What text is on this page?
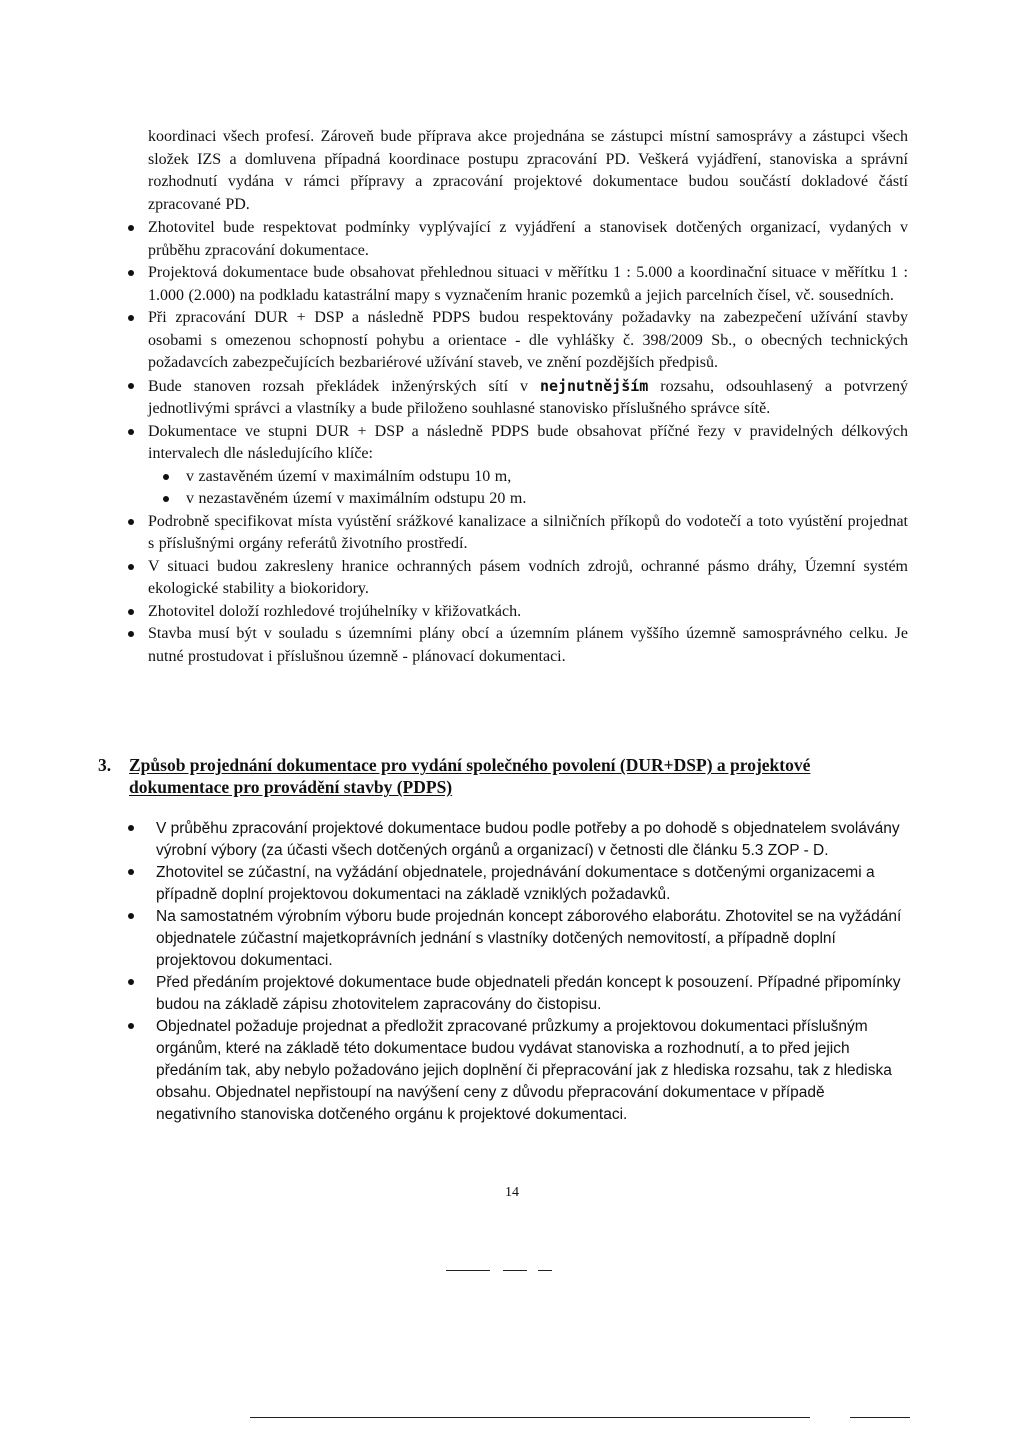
koordinaci všech profesí. Zároveň bude příprava akce projednána se zástupci místní samosprávy a zástupci všech složek IZS a domluvena případná koordinace postupu zpracování PD. Veškerá vyjádření, stanoviska a správní rozhodnutí vydána v rámci přípravy a zpracování projektové dokumentace budou součástí dokladové částí zpracované PD.

Zhotovitel bude respektovat podmínky vyplývající z vyjádření a stanovisek dotčených organizací, vydaných v průběhu zpracování dokumentace.
Projektová dokumentace bude obsahovat přehlednou situaci v měřítku 1 : 5.000 a koordinační situace v měřítku 1 : 1.000 (2.000) na podkladu katastrální mapy s vyznačením hranic pozemků a jejich parcelních čísel, vč. sousedních.
Při zpracování DUR + DSP a následně PDPS budou respektovány požadavky na zabezpečení užívání stavby osobami s omezenou schopností pohybu a orientace - dle vyhlášky č. 398/2009 Sb., o obecných technických požadavcích zabezpečujících bezbariérové užívání staveb, ve znění pozdějších předpisů.
Bude stanoven rozsah překládek inženýrských sítí v nejnutnějším rozsahu, odsouhlasený a potvrzený jednotlivými správci a vlastníky a bude přiloženo souhlasné stanovisko příslušného správce sítě.
Dokumentace ve stupni DUR + DSP a následně PDPS bude obsahovat příčné řezy v pravidelných délkových intervalech dle následujícího klíče:
v zastavěném území v maximálním odstupu 10 m,
v nezastavěném území v maximálním odstupu 20 m.
Podrobně specifikovat místa vyústění srážkové kanalizace a silničních příkopů do vodotečí a toto vyústění projednat s příslušnými orgány referátů životního prostředí.
V situaci budou zakresleny hranice ochranných pásem vodních zdrojů, ochranné pásmo dráhy, Územní systém ekologické stability a biokoridory.
Zhotovitel doloží rozhledové trojúhelníky v křižovatkách.
Stavba musí být v souladu s územními plány obcí a územním plánem vyššího územně samosprávného celku. Je nutné prostudovat i příslušnou územně - plánovací dokumentaci.
3. Způsob projednání dokumentace pro vydání společného povolení (DUR+DSP) a projektové dokumentace pro provádění stavby (PDPS)
V průběhu zpracování projektové dokumentace budou podle potřeby a po dohodě s objednatelem svolávány výrobní výbory (za účasti všech dotčených orgánů a organizací) v četnosti dle článku 5.3 ZOP - D.
Zhotovitel se zúčastní, na vyžádání objednatele, projednávání dokumentace s dotčenými organizacemi a případně doplní projektovou dokumentaci na základě vzniklých požadavků.
Na samostatném výrobním výboru bude projednán koncept záborového elaborátu. Zhotovitel se na vyžádání objednatele zúčastní majetkoprávních jednání s vlastníky dotčených nemovitostí, a případně doplní projektovou dokumentaci.
Před předáním projektové dokumentace bude objednateli předán koncept k posouzení. Případné připomínky budou na základě zápisu zhotovitelem zapracovány do čistopisu.
Objednatel požaduje projednat a předložit zpracované průzkumy a projektovou dokumentaci příslušným orgánům, které na základě této dokumentace budou vydávat stanoviska a rozhodnutí, a to před jejich předáním tak, aby nebylo požadováno jejich doplnění či přepracování jak z hlediska rozsahu, tak z hlediska obsahu. Objednatel nepřistoupí na navýšení ceny z důvodu přepracování dokumentace v případě negativního stanoviska dotčeného orgánu k projektové dokumentaci.
14
